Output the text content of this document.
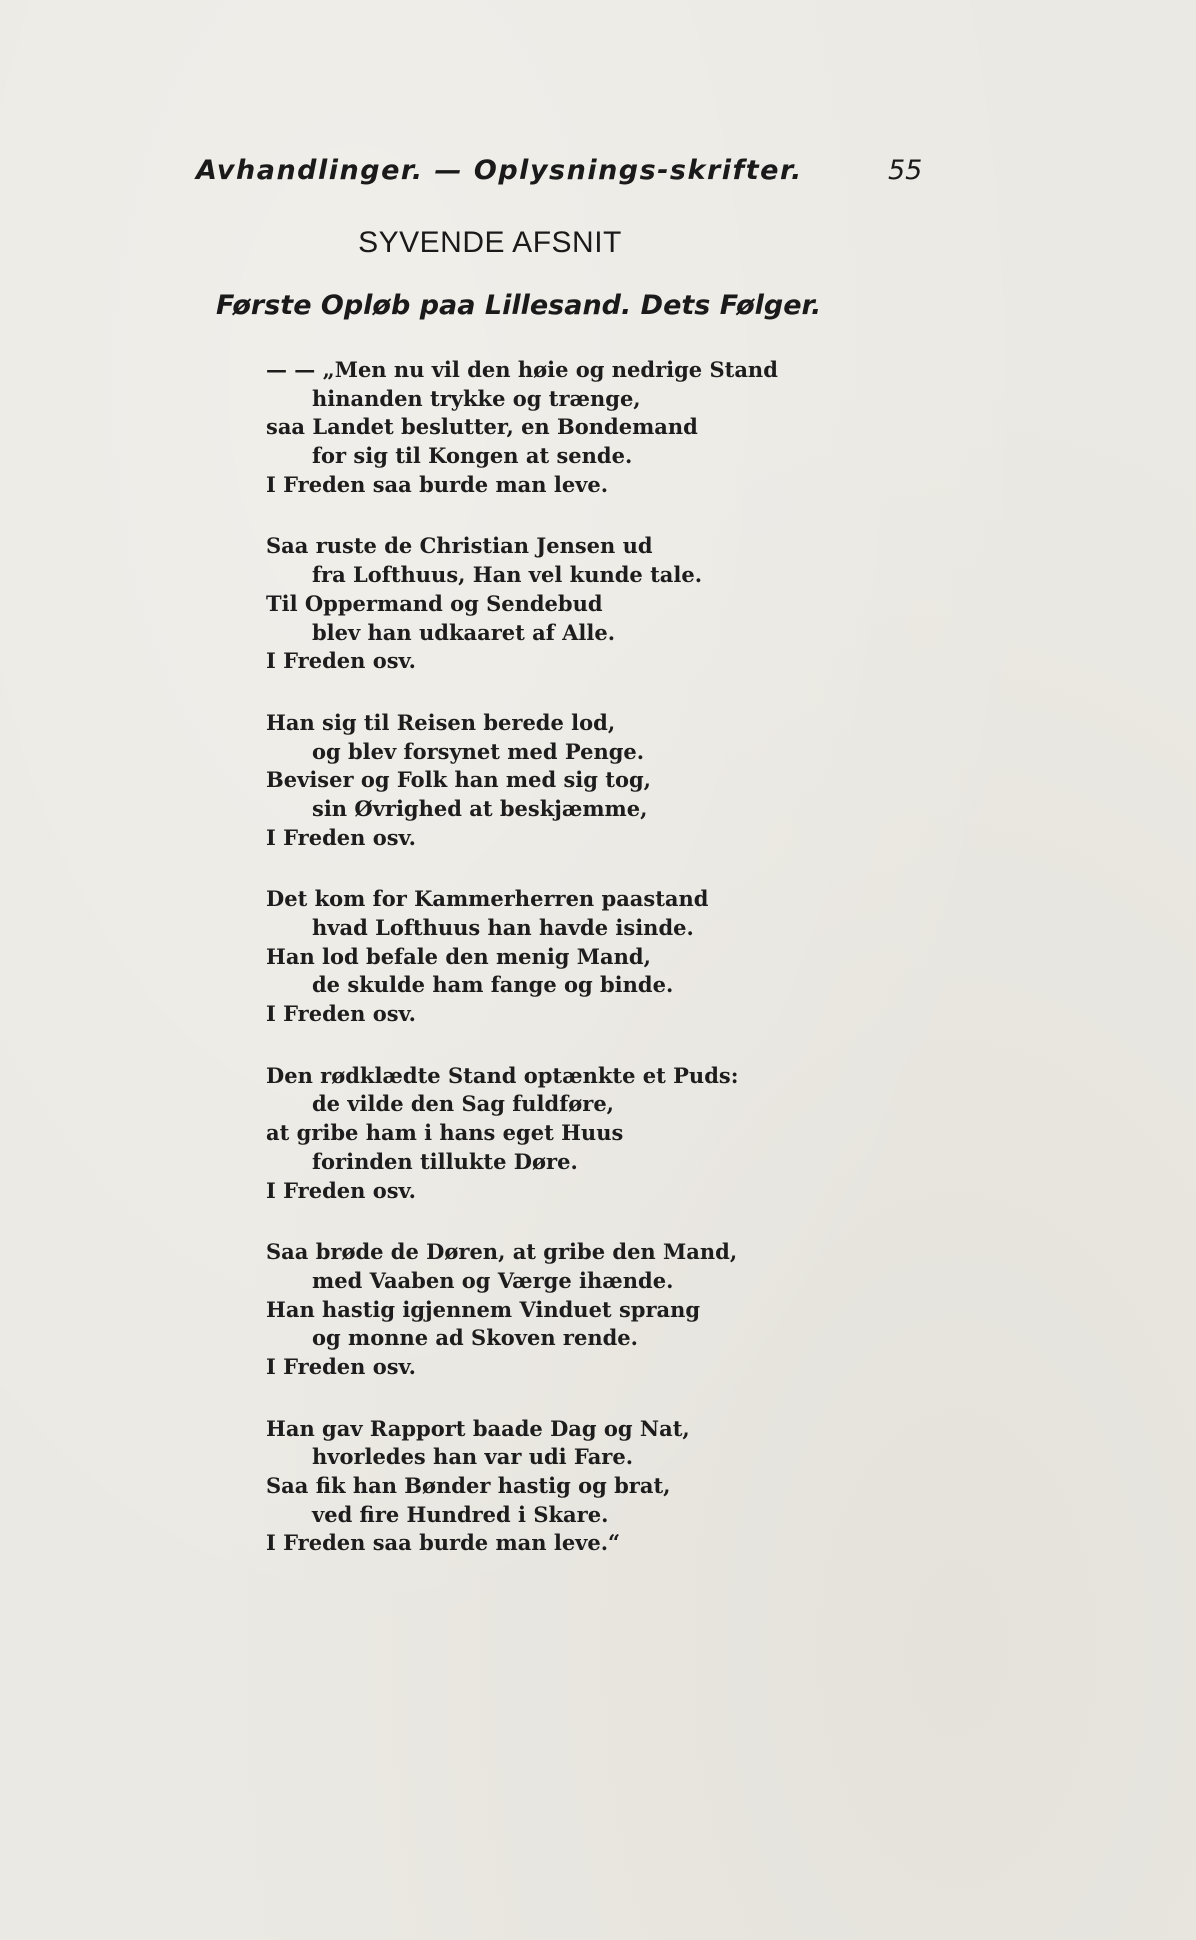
Avhandlinger. — Oplysnings-skrifter.	55
SYVENDE AFSNIT
Første Opløb paa Lillesand. Dets Følger.
— — „Men nu vil den høie og nedrige Stand
hinanden trykke og trænge,
saa Landet beslutter, en Bondemand
for sig til Kongen at sende.
I Freden saa burde man leve.
Saa ruste de Christian Jensen ud
fra Lofthuus, Han vel kunde tale.
Til Oppermand og Sendebud
blev han udkaaret af Alle.
I Freden osv.
Han sig til Reisen berede lod,
og blev forsynet med Penge.
Beviser og Folk han med sig tog,
sin Øvrighed at beskjæmme,
I Freden osv.
Det kom for Kammerherren paastand
hvad Lofthuus han havde isinde.
Han lod befale den menig Mand,
de skulde ham fange og binde.
I Freden osv.
Den rødklædte Stand optænkte et Puds:
de vilde den Sag fuldføre,
at gribe ham i hans eget Huus
forinden tillukte Døre.
I Freden osv.
Saa brøde de Døren, at gribe den Mand,
med Vaaben og Værge ihænde.
Han hastig igjennem Vinduet sprang
og monne ad Skoven rende.
I Freden osv.
Han gav Rapport baade Dag og Nat,
hvorledes han var udi Fare.
Saa fik han Bønder hastig og brat,
ved fire Hundred i Skare.
I Freden saa burde man leve.“
